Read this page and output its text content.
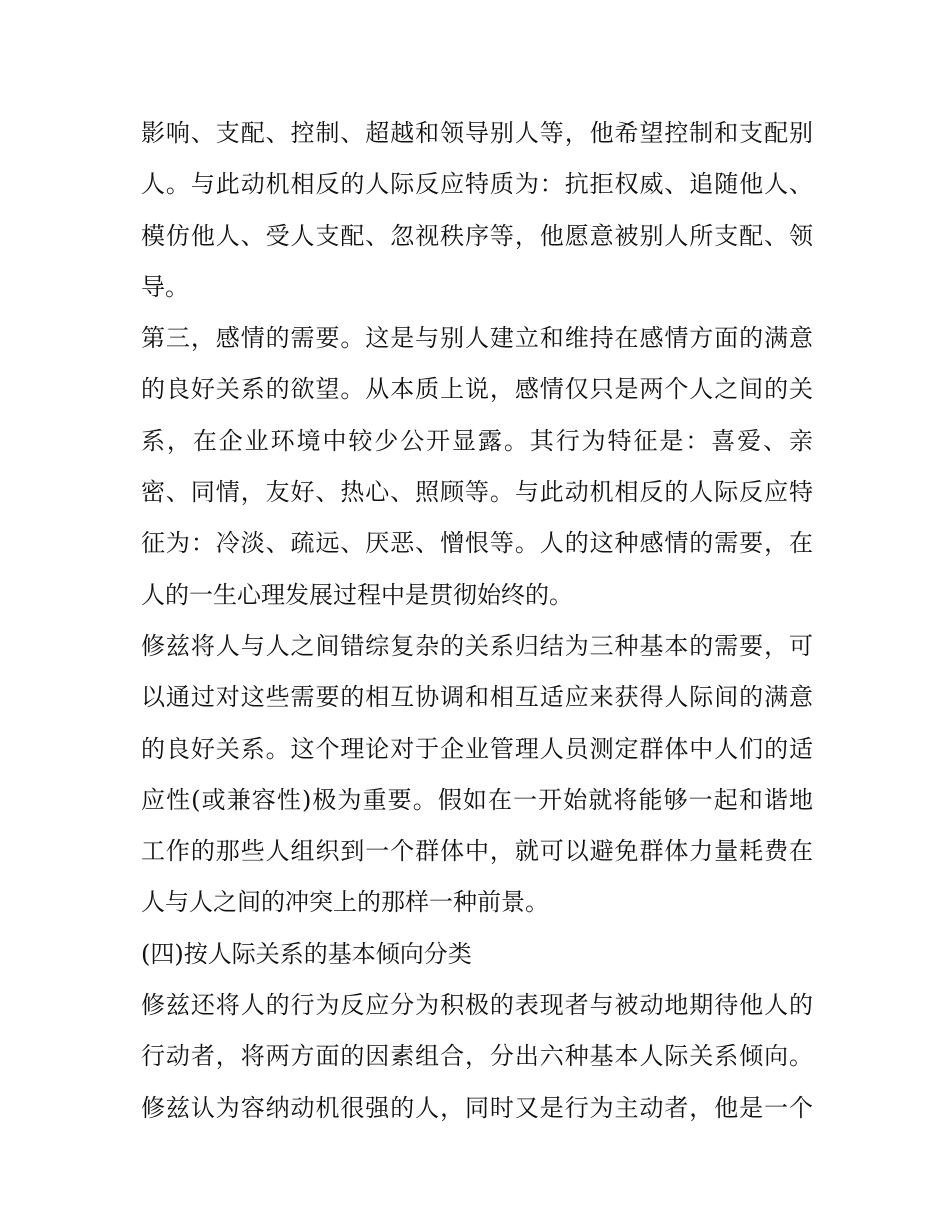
影响、支配、控制、超越和领导别人等，他希望控制和支配别
人。与此动机相反的人际反应特质为：抗拒权威、追随他人、
模仿他人、受人支配、忽视秩序等，他愿意被别人所支配、领
导。
第三，感情的需要。这是与别人建立和维持在感情方面的满意
的良好关系的欲望。从本质上说，感情仅只是两个人之间的关
系，在企业环境中较少公开显露。其行为特征是：喜爱、亲
密、同情，友好、热心、照顾等。与此动机相反的人际反应特
征为：冷淡、疏远、厌恶、憎恨等。人的这种感情的需要，在
人的一生心理发展过程中是贯彻始终的。
修兹将人与人之间错综复杂的关系归结为三种基本的需要，可
以通过对这些需要的相互协调和相互适应来获得人际间的满意
的良好关系。这个理论对于企业管理人员测定群体中人们的适
应性(或兼容性)极为重要。假如在一开始就将能够一起和谐地
工作的那些人组织到一个群体中，就可以避免群体力量耗费在
人与人之间的冲突上的那样一种前景。
(四)按人际关系的基本倾向分类
修兹还将人的行为反应分为积极的表现者与被动地期待他人的
行动者，将两方面的因素组合，分出六种基本人际关系倾向。
修兹认为容纳动机很强的人，同时又是行为主动者，他是一个
